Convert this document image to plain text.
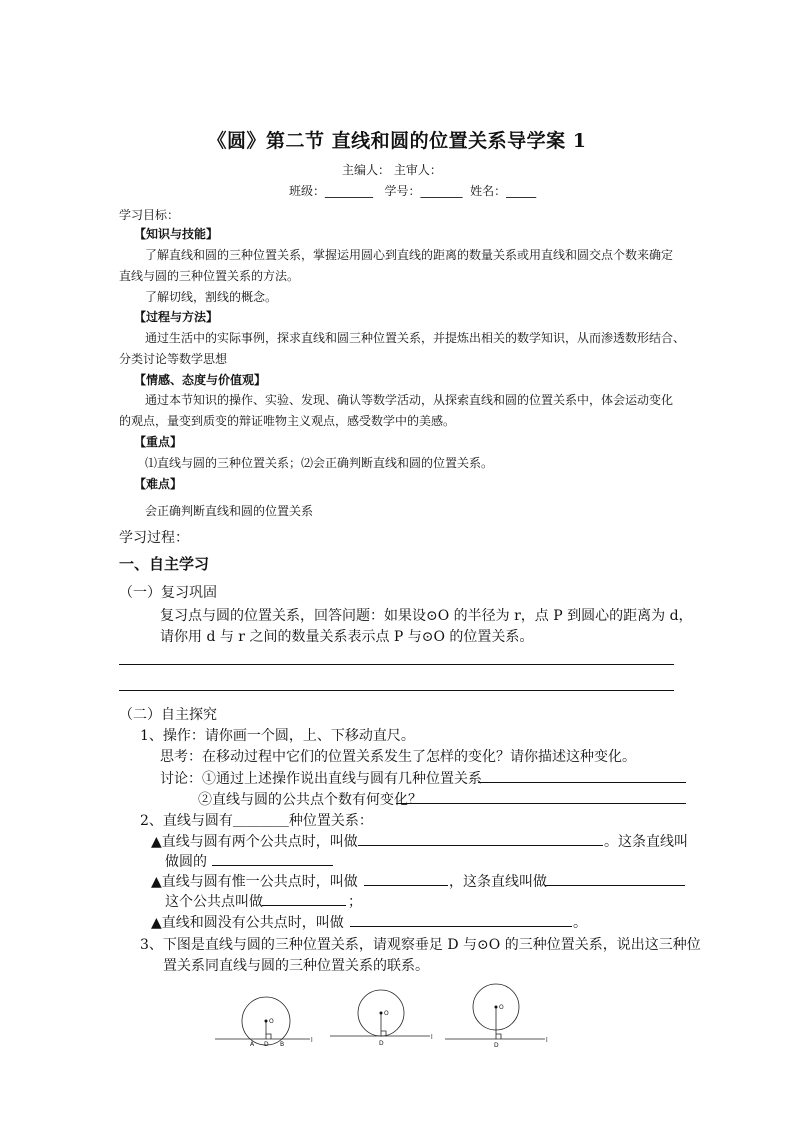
《圆》第二节 直线和圆的位置关系导学案 1
主编人： 主审人：
班级：________ 学号：_______ 姓名：_____
学习目标：
【知识与技能】
了解直线和圆的三种位置关系，掌握运用圆心到直线的距离的数量关系或用直线和圆交点个数来确定
直线与圆的三种位置关系的方法。
了解切线，割线的概念。
【过程与方法】
通过生活中的实际事例，探求直线和圆三种位置关系，并提炼出相关的数学知识，从而渗透数形结合、
分类讨论等数学思想
【情感、态度与价值观】
通过本节知识的操作、实验、发现、确认等数学活动，从探索直线和圆的位置关系中，体会运动变化
的观点，量变到质变的辩证唯物主义观点，感受数学中的美感。
【重点】
⑴直线与圆的三种位置关系；⑵会正确判断直线和圆的位置关系。
【难点】
会正确判断直线和圆的位置关系
学习过程：
一、自主学习
（一）复习巩固
复习点与圆的位置关系，回答问题：如果设⊙O 的半径为 r，点 P 到圆心的距离为 d，
请你用 d 与 r 之间的数量关系表示点 P 与⊙O 的位置关系。
（二）自主探究
1、操作：请你画一个圆，上、下移动直尺。
思考：在移动过程中它们的位置关系发生了怎样的变化？请你描述这种变化。
讨论：①通过上述操作说出直线与圆有几种位置关系
②直线与圆的公共点个数有何变化？
2、直线与圆有＿＿＿＿种位置关系：
▲直线与圆有两个公共点时，叫做	。这条直线叫
做圆的
▲直线与圆有惟一公共点时，叫做	，这条直线叫做
这个公共点叫做	；
▲直线和圆没有公共点时，叫做	。
3、下图是直线与圆的三种位置关系，请观察垂足 D 与⊙O 的三种位置关系，说出这三种位
置关系同直线与圆的三种位置关系的联系。
O
A	B
D
l
O
D
l
O
D
l
